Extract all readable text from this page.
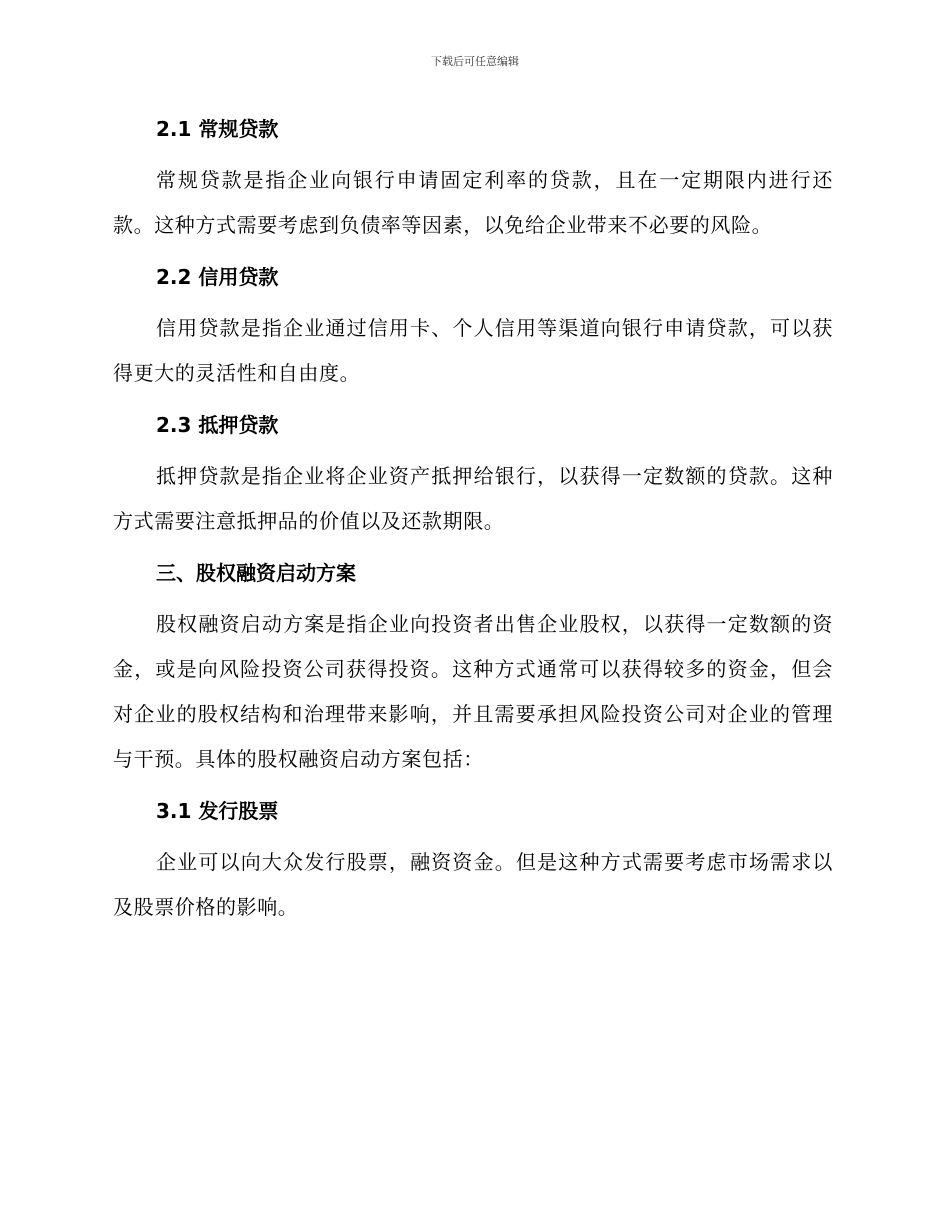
下载后可任意编辑
2.1 常规贷款

常规贷款是指企业向银行申请固定利率的贷款，且在一定期限内进行还款。这种方式需要考虑到负债率等因素，以免给企业带来不必要的风险。

2.2 信用贷款

信用贷款是指企业通过信用卡、个人信用等渠道向银行申请贷款，可以获得更大的灵活性和自由度。

2.3 抵押贷款

抵押贷款是指企业将企业资产抵押给银行，以获得一定数额的贷款。这种方式需要注意抵押品的价值以及还款期限。

三、股权融资启动方案

股权融资启动方案是指企业向投资者出售企业股权，以获得一定数额的资金，或是向风险投资公司获得投资。这种方式通常可以获得较多的资金，但会对企业的股权结构和治理带来影响，并且需要承担风险投资公司对企业的管理与干预。具体的股权融资启动方案包括：

3.1 发行股票

企业可以向大众发行股票，融资资金。但是这种方式需要考虑市场需求以及股票价格的影响。
